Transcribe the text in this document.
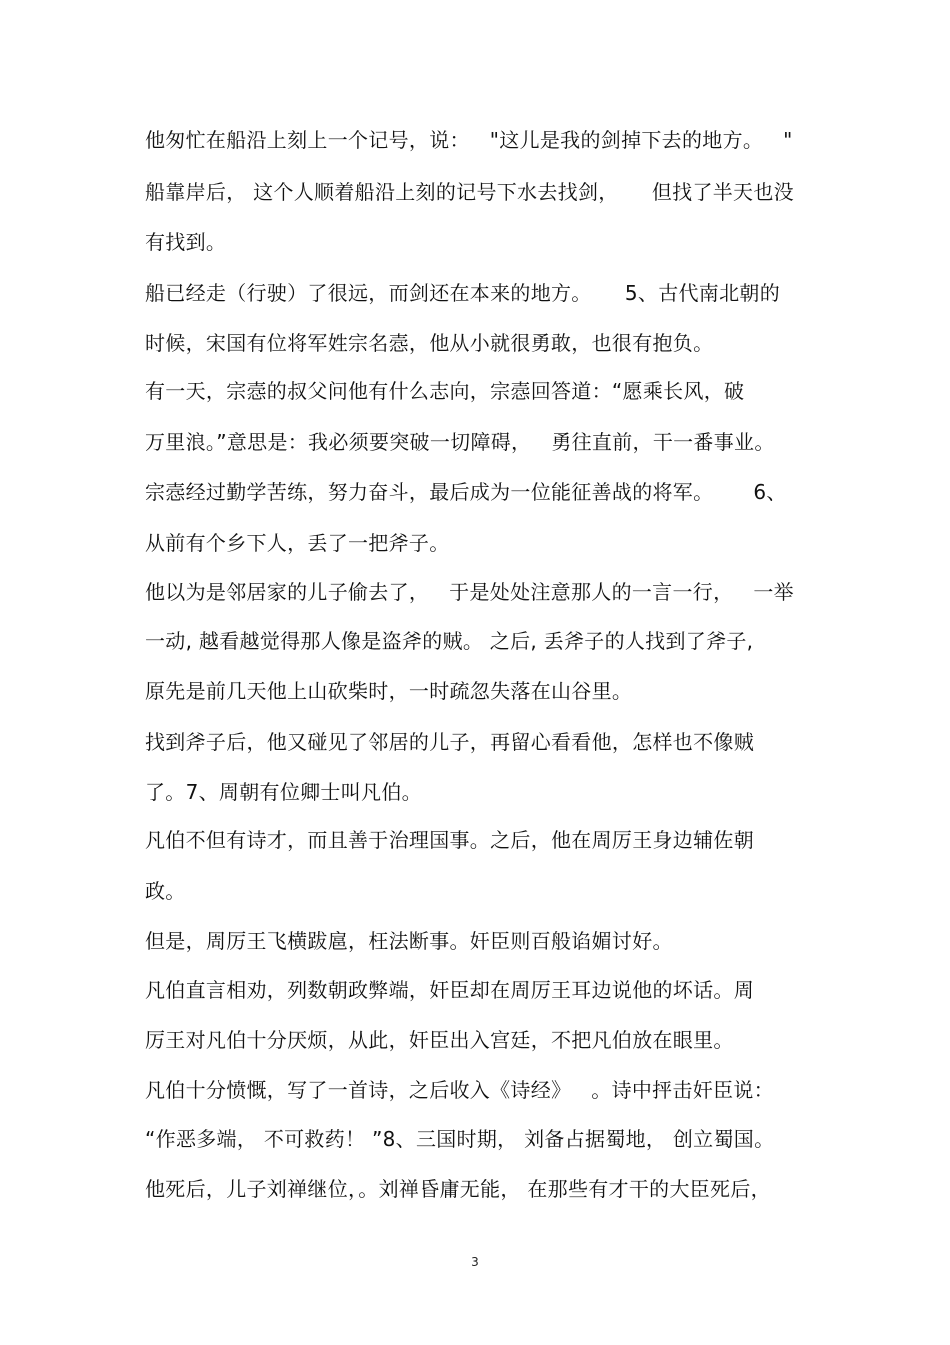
他匆忙在船沿上刻上一个记号，说：   "这儿是我的剑掉下去的地方。   "
船靠岸后， 这个人顺着船沿上刻的记号下水去找剑，     但找了半天也没
有找到。
船已经走（行驶）了很远，而剑还在本来的地方。     5、古代南北朝的
时候，宋国有位将军姓宗名悫，他从小就很勇敢，也很有抱负。
有一天，宗悫的叔父问他有什么志向，宗悫回答道：“愿乘长风，破
万里浪。”意思是：我必须要突破一切障碍，   勇往直前，干一番事业。
宗悫经过勤学苦练，努力奋斗，最后成为一位能征善战的将军。      6、
从前有个乡下人，丢了一把斧子。
他以为是邻居家的儿子偷去了，   于是处处注意那人的一言一行，   一举
一动, 越看越觉得那人像是盗斧的贼。 之后, 丢斧子的人找到了斧子,
原先是前几天他上山砍柴时，一时疏忽失落在山谷里。
找到斧子后，他又碰见了邻居的儿子，再留心看看他，怎样也不像贼
了。7、周朝有位卿士叫凡伯。
凡伯不但有诗才，而且善于治理国事。之后，他在周厉王身边辅佐朝
政。
但是，周厉王飞横跋扈，枉法断事。奸臣则百般谄媚讨好。
凡伯直言相劝，列数朝政弊端，奸臣却在周厉王耳边说他的坏话。周
厉王对凡伯十分厌烦，从此，奸臣出入宫廷，不把凡伯放在眼里。
凡伯十分愤慨，写了一首诗，之后收入《诗经》   。诗中抨击奸臣说：
“作恶多端， 不可救药！ ”8、三国时期， 刘备占据蜀地， 创立蜀国。
他死后，儿子刘禅继位，。刘禅昏庸无能， 在那些有才干的大臣死后，
3
